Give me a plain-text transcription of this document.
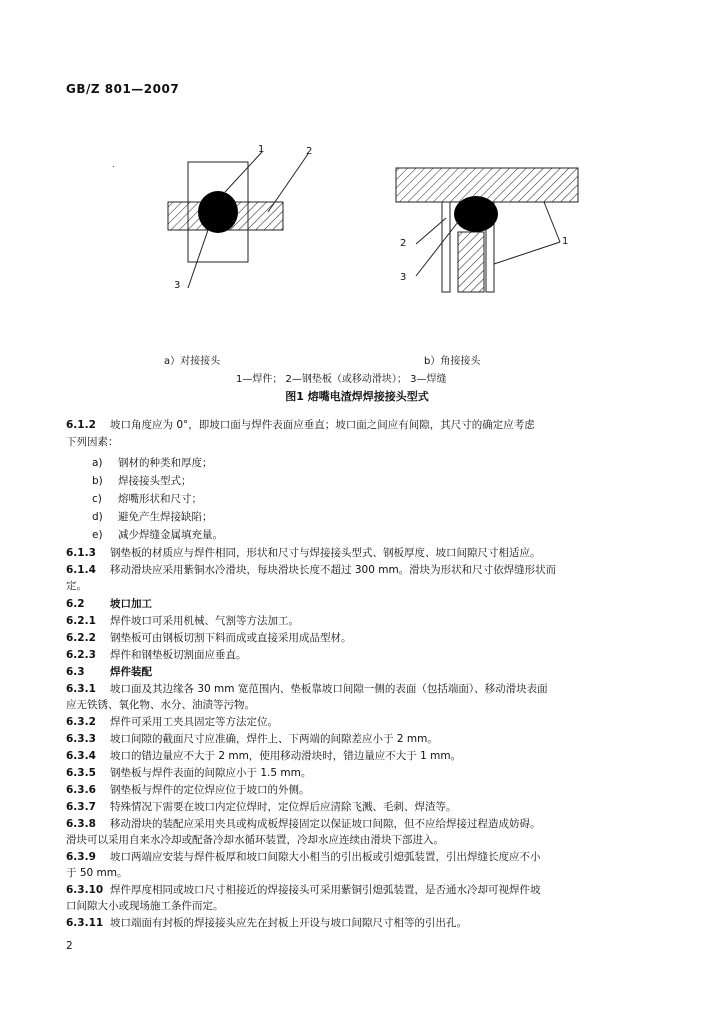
GB/Z 801—2007
.
1	2
3
2
3
1
a）对接接头	b）角接接头
1—焊件； 2—钢垫板（或移动滑块）； 3—焊缝
图1 熔嘴电渣焊焊接接头型式
6.1.2 坡口角度应为 0°，即坡口面与焊件表面应垂直；坡口面之间应有间隙，其尺寸的确定应考虑
下列因素：
a) 钢材的种类和厚度；
b) 焊接接头型式；
c) 熔嘴形状和尺寸；
d) 避免产生焊接缺陷；
e) 减少焊缝金属填充量。
6.1.3 钢垫板的材质应与焊件相同，形状和尺寸与焊接接头型式、钢板厚度、坡口间隙尺寸相适应。
6.1.4 移动滑块应采用紫铜水冷滑块，每块滑块长度不超过 300 mm。滑块为形状和尺寸依焊缝形状而
定。
6.2 坡口加工
6.2.1 焊件坡口可采用机械、气割等方法加工。
6.2.2 钢垫板可由钢板切割下料而成或直接采用成品型材。
6.2.3 焊件和钢垫板切割面应垂直。
6.3 焊件装配
6.3.1 坡口面及其边缘各 30 mm 宽范围内、垫板靠坡口间隙一侧的表面（包括端面）、移动滑块表面
应无铁锈、氧化物、水分、油渍等污物。
6.3.2 焊件可采用工夹具固定等方法定位。
6.3.3 坡口间隙的截面尺寸应准确，焊件上、下两端的间隙差应小于 2 mm。
6.3.4 坡口的错边量应不大于 2 mm，使用移动滑块时，错边量应不大于 1 mm。
6.3.5 钢垫板与焊件表面的间隙应小于 1.5 mm。
6.3.6 钢垫板与焊件的定位焊应位于坡口的外侧。
6.3.7 特殊情况下需要在坡口内定位焊时，定位焊后应清除飞溅、毛刺、焊渣等。
6.3.8 移动滑块的装配应采用夹具或构成板焊接固定以保证坡口间隙，但不应给焊接过程造成妨碍。
滑块可以采用自来水冷却或配备冷却水循环装置，冷却水应连续由滑块下部进入。
6.3.9 坡口两端应安装与焊件板厚和坡口间隙大小相当的引出板或引熄弧装置，引出焊缝长度应不小
于 50 mm。
6.3.10 焊件厚度相同或坡口尺寸相接近的焊接接头可采用紫铜引熄弧装置，是否通水冷却可视焊件坡
口间隙大小或现场施工条件而定。
6.3.11 坡口端面有封板的焊接接头应先在封板上开设与坡口间隙尺寸相等的引出孔。
2
